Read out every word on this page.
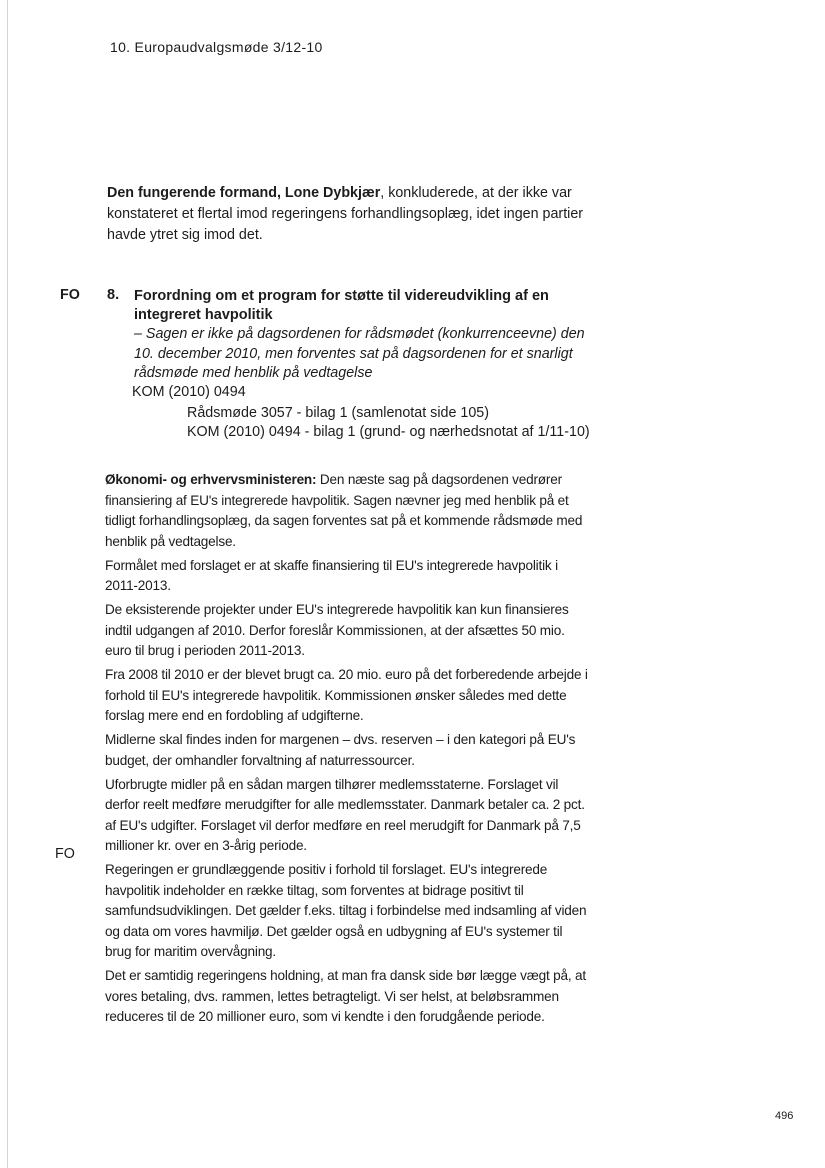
10. Europaudvalgsmøde 3/12-10
Den fungerende formand, Lone Dybkjær, konkluderede, at der ikke var konstateret et flertal imod regeringens forhandlingsoplæg, idet ingen partier havde ytret sig imod det.
FO 8. Forordning om et program for støtte til videreudvikling af en integreret havpolitik
– Sagen er ikke på dagsordenen for rådsmødet (konkurrenceevne) den 10. december 2010, men forventes sat på dagsordenen for et snarligt rådsmøde med henblik på vedtagelse
KOM (2010) 0494
Rådsmøde 3057 - bilag 1 (samlenotat side 105)
KOM (2010) 0494 - bilag 1 (grund- og nærhedsnotat af 1/11-10)

Økonomi- og erhvervsministeren: Den næste sag på dagsordenen vedrører finansiering af EU's integrerede havpolitik. Sagen nævner jeg med henblik på et tidligt forhandlingsoplæg, da sagen forventes sat på et kommende rådsmøde med henblik på vedtagelse.

Formålet med forslaget er at skaffe finansiering til EU's integrerede havpolitik i 2011-2013.

De eksisterende projekter under EU's integrerede havpolitik kan kun finansieres indtil udgangen af 2010. Derfor foreslår Kommissionen, at der afsættes 50 mio. euro til brug i perioden 2011-2013.

Fra 2008 til 2010 er der blevet brugt ca. 20 mio. euro på det forberedende arbejde i forhold til EU's integrerede havpolitik. Kommissionen ønsker således med dette forslag mere end en fordobling af udgifterne.

Midlerne skal findes inden for margenen – dvs. reserven – i den kategori på EU's budget, der omhandler forvaltning af naturressourcer.

Uforbrugte midler på en sådan margen tilhører medlemsstaterne. Forslaget vil derfor reelt medføre merudgifter for alle medlemsstater. Danmark betaler ca. 2 pct. af EU's udgifter. Forslaget vil derfor medføre en reel merudgift for Danmark på 7,5 millioner kr. over en 3-årig periode.

Regeringen er grundlæggende positiv i forhold til forslaget. EU's integrerede havpolitik indeholder en række tiltag, som forventes at bidrage positivt til samfundsudviklingen. Det gælder f.eks. tiltag i forbindelse med indsamling af viden og data om vores havmiljø. Det gælder også en udbygning af EU's systemer til brug for maritim overvågning.

Det er samtidig regeringens holdning, at man fra dansk side bør lægge vægt på, at vores betaling, dvs. rammen, lettes betragteligt. Vi ser helst, at beløbsrammen reduceres til de 20 millioner euro, som vi kendte i den forudgående periode.

FO
496
